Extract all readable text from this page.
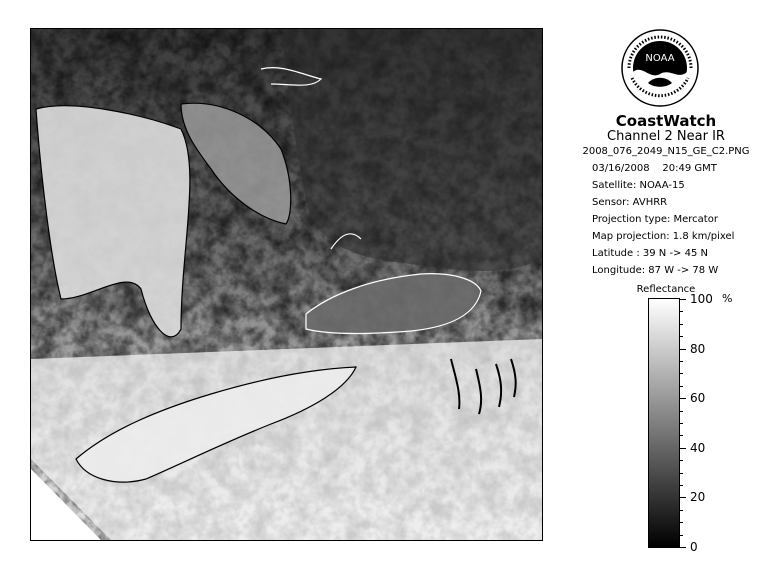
NOAA
CoastWatch
Channel 2 Near IR
2008_076_2049_N15_GE_C2.PNG
03/16/2008 20:49 GMT
Satellite: NOAA-15
Sensor: AVHRR
Projection type: Mercator
Map projection: 1.8 km/pixel
Latitude : 39 N -> 45 N
Longitude: 87 W -> 78 W
Reflectance
%
100
80
60
40
20
0
